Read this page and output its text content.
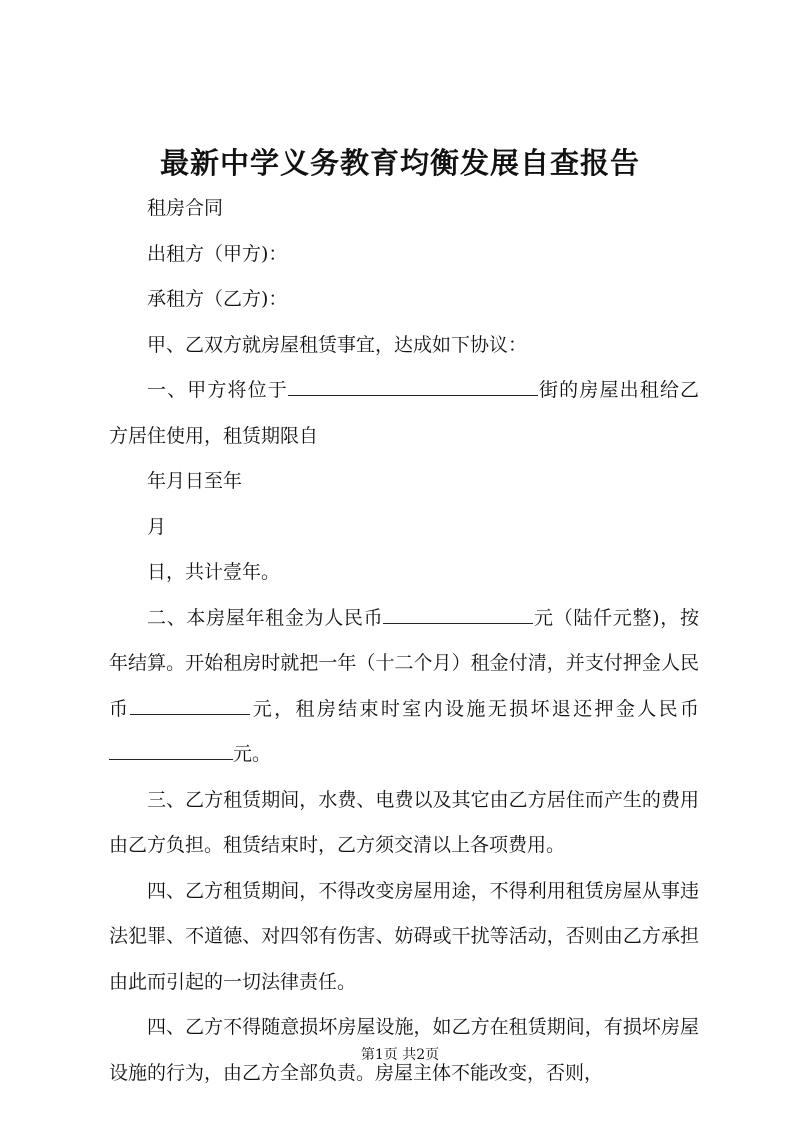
最新中学义务教育均衡发展自查报告

租房合同

出租方（甲方)：

承租方（乙方)：

甲、乙双方就房屋租赁事宜，达成如下协议：

一、甲方将位于	街的房屋出租给乙方居住使用，租赁期限自

年月日至年

月

日，共计壹年。

二、本房屋年租金为人民币	元（陆仟元整)，按年结算。开始租房时就把一年（十二个月）租金付清，并支付押金人民币	元，租房结束时室内设施无损坏退还押金人民币元。

三、乙方租赁期间，水费、电费以及其它由乙方居住而产生的费用由乙方负担。租赁结束时，乙方须交清以上各项费用。

四、乙方租赁期间，不得改变房屋用途，不得利用租赁房屋从事违法犯罪、不道德、对四邻有伤害、妨碍或干扰等活动，否则由乙方承担由此而引起的一切法律责任。

四、乙方不得随意损坏房屋设施，如乙方在租赁期间，有损坏房屋设施的行为，由乙方全部负责。房屋主体不能改变，否则，

第1页 共2页
